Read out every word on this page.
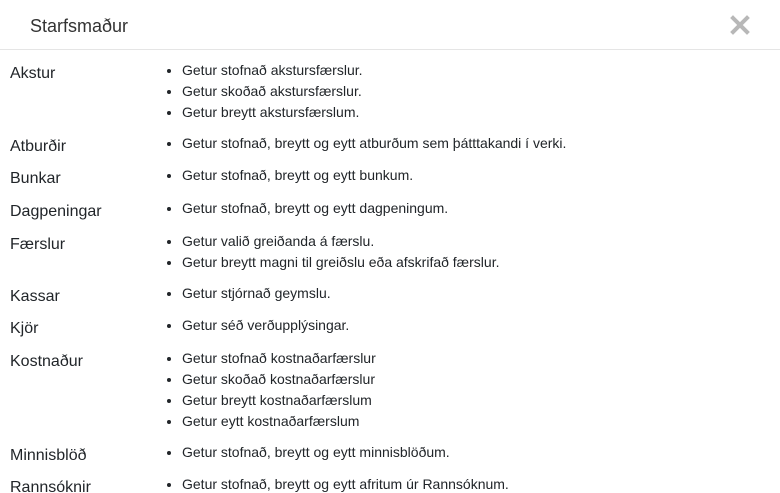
Starfsmaður
Akstur	• Getur stofnað akstursfærslur.
• Getur skoðað akstursfærslur.
• Getur breytt akstursfærslum.
Atburðir	• Getur stofnað, breytt og eytt atburðum sem þátttakandi í verki.
Bunkar	• Getur stofnað, breytt og eytt bunkum.
Dagpeningar	• Getur stofnað, breytt og eytt dagpeningum.
Færslur	• Getur valið greiðanda á færslu.
• Getur breytt magni til greiðslu eða afskrifað færslur.
Kassar	• Getur stjórnað geymslu.
Kjör	• Getur séð verðupplýsingar.
Kostnaður	• Getur stofnað kostnaðarfærslur
• Getur skoðað kostnaðarfærslur
• Getur breytt kostnaðarfærslum
• Getur eytt kostnaðarfærslum
Minnisblöð	• Getur stofnað, breytt og eytt minnisblöðum.
Rannsóknir	• Getur stofnað, breytt og eytt afritum úr Rannsóknum.
